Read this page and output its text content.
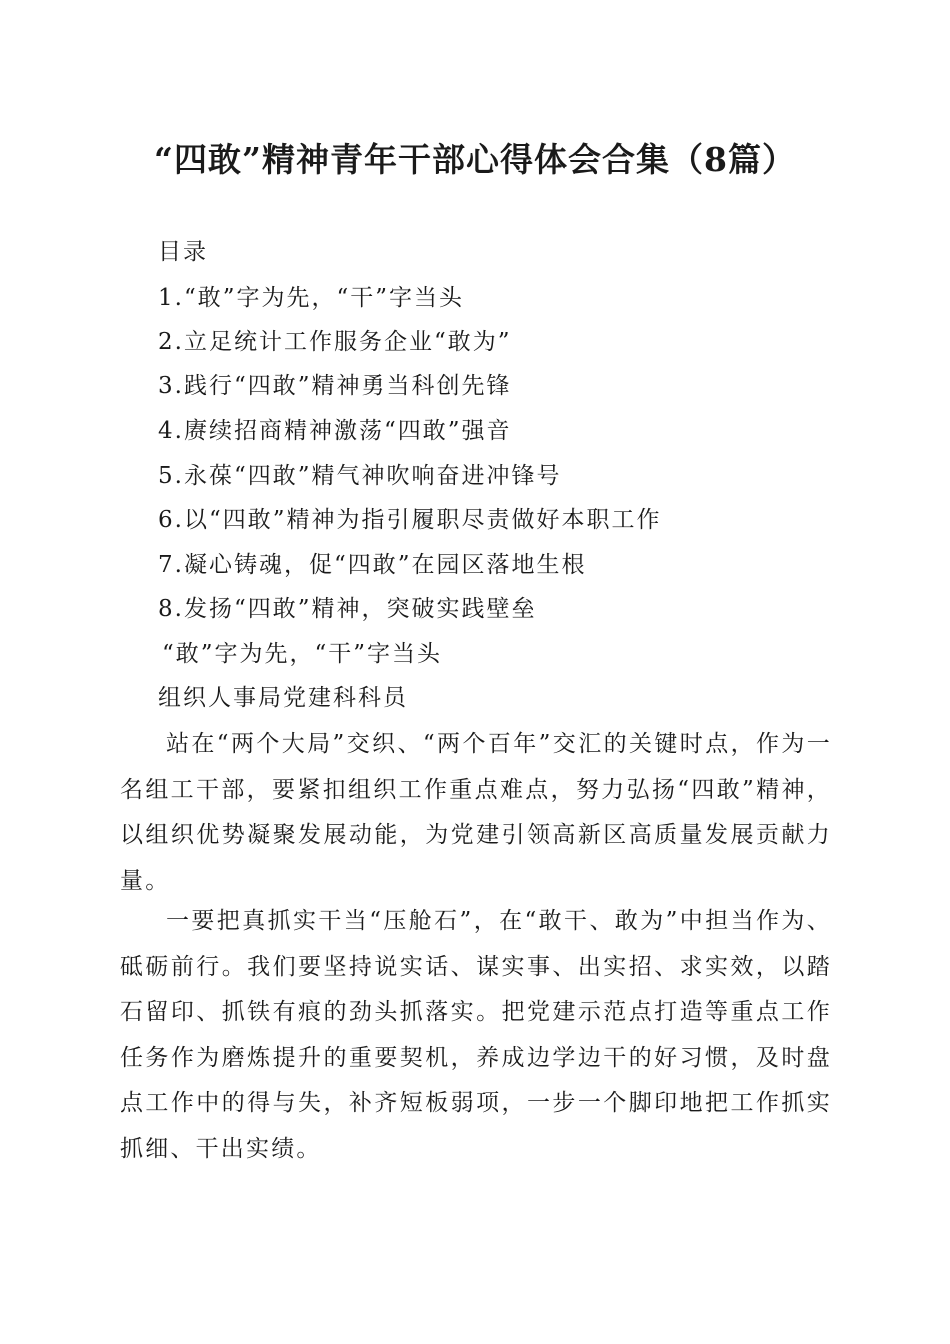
“四敢”精神青年干部心得体会合集（8篇）
目录
1.“敢”字为先，“干”字当头
2.立足统计工作服务企业“敢为”
3.践行“四敢”精神勇当科创先锋
4.赓续招商精神激荡“四敢”强音
5.永葆“四敢”精气神吹响奋进冲锋号
6.以“四敢”精神为指引履职尽责做好本职工作
7.凝心铸魂，促“四敢”在园区落地生根
8.发扬“四敢”精神，突破实践壁垒
“敢”字为先，“干”字当头
组织人事局党建科科员

站在“两个大局”交织、“两个百年”交汇的关键时点，作为一名组工干部，要紧扣组织工作重点难点，努力弘扬“四敢”精神，以组织优势凝聚发展动能，为党建引领高新区高质量发展贡献力量。

一要把真抓实干当“压舱石”，在“敢干、敢为”中担当作为、砥砺前行。我们要坚持说实话、谋实事、出实招、求实效，以踏石留印、抓铁有痕的劲头抓落实。把党建示范点打造等重点工作任务作为磨炼提升的重要契机，养成边学边干的好习惯，及时盘点工作中的得与失，补齐短板弱项，一步一个脚印地把工作抓实抓细、干出实绩。
